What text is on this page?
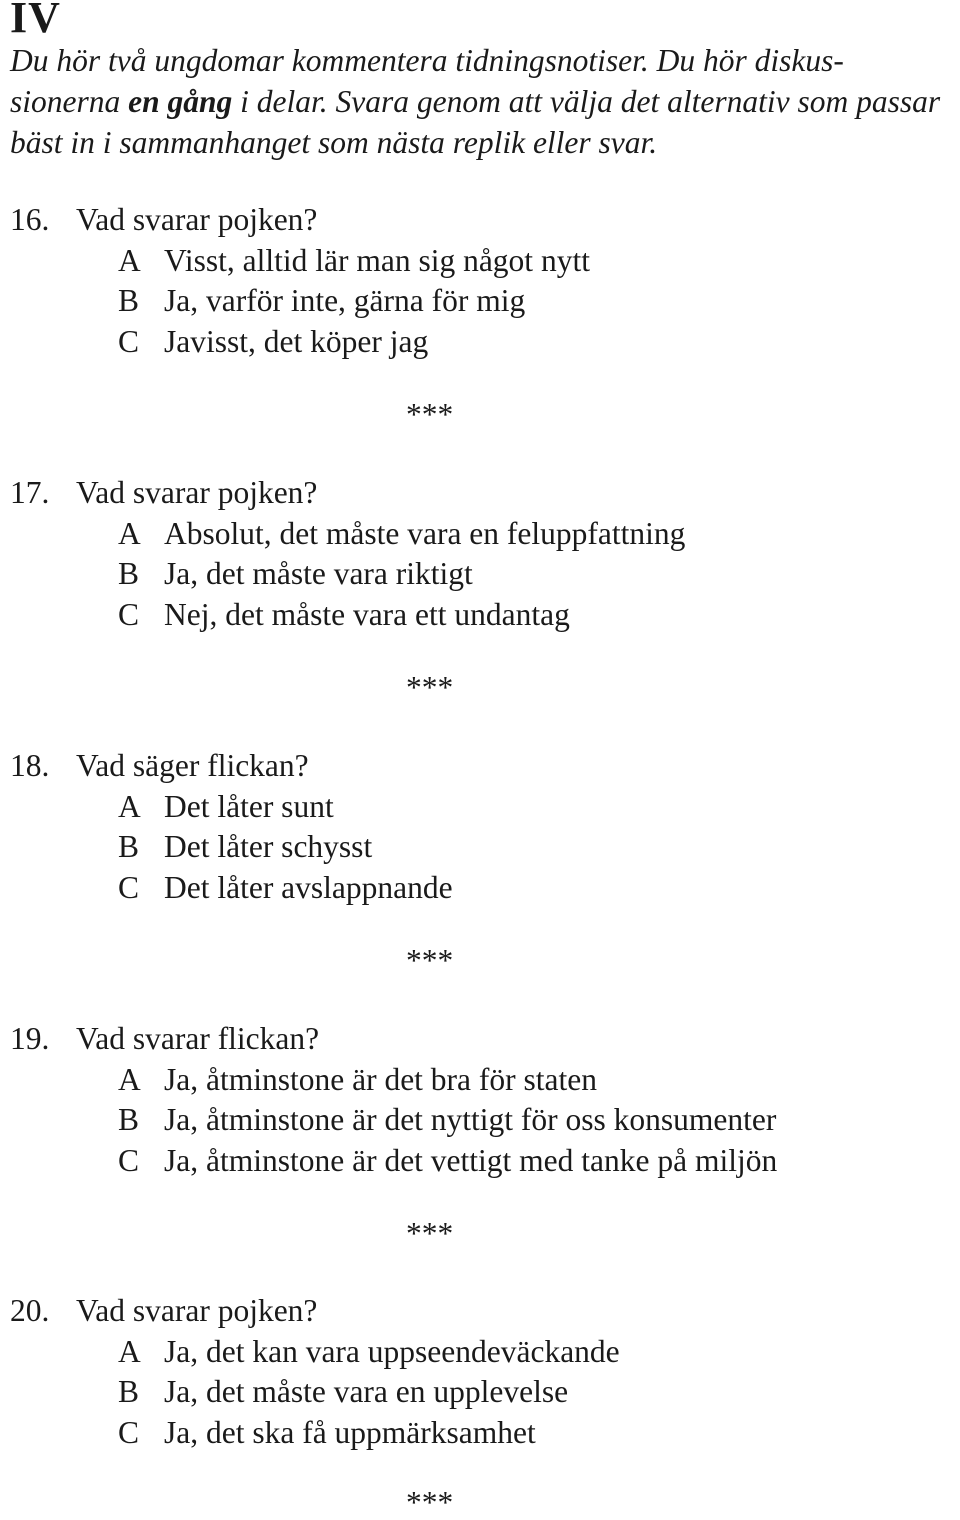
IV

Du hör två ungdomar kommentera tidningsnotiser. Du hör diskus-sionerna en gång i delar. Svara genom att välja det alternativ som passar bäst in i sammanhanget som nästa replik eller svar.

16. Vad svarar pojken?
A Visst, alltid lär man sig något nytt
B Ja, varför inte, gärna för mig
C Javisst, det köper jag
***
17. Vad svarar pojken?
A Absolut, det måste vara en feluppfattning
B Ja, det måste vara riktigt
C Nej, det måste vara ett undantag
***
18. Vad säger flickan?
A Det låter sunt
B Det låter schysst
C Det låter avslappnande
***
19. Vad svarar flickan?
A Ja, åtminstone är det bra för staten
B Ja, åtminstone är det nyttigt för oss konsumenter
C Ja, åtminstone är det vettigt med tanke på miljön
***
20. Vad svarar pojken?
A Ja, det kan vara uppseendeväckande
B Ja, det måste vara en upplevelse
C Ja, det ska få uppmärksamhet
***
